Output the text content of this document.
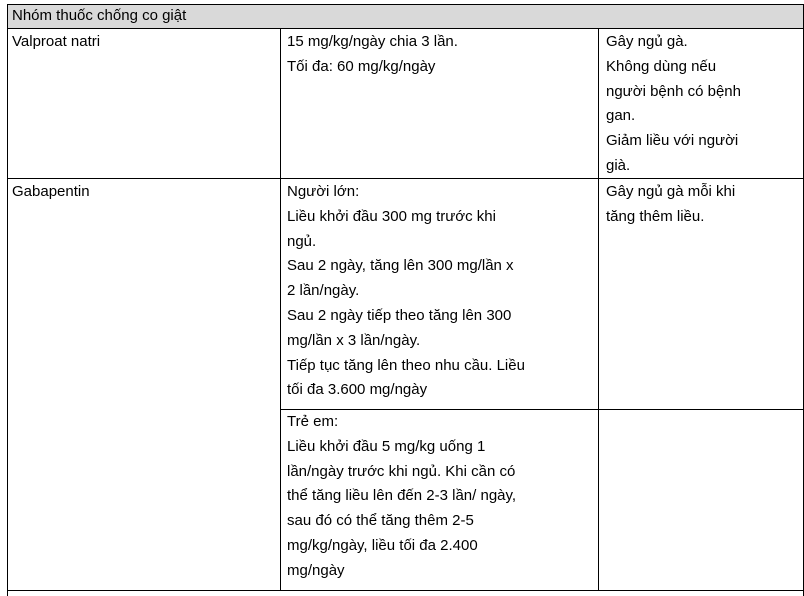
Nhóm thuốc chống co giật
Valproat natri	15 mg/kg/ngày chia 3 lần.
Tối đa: 60 mg/kg/ngày
Gây ngủ gà.
Không dùng nếu
người bệnh có bệnh
gan.
Giảm liều với người
già.
Gabapentin	Người lớn:
Liều khởi đầu 300 mg trước khi
ngủ.
Sau 2 ngày, tăng lên 300 mg/lần x
2 lần/ngày.
Sau 2 ngày tiếp theo tăng lên 300
mg/lần x 3 lần/ngày.
Tiếp tục tăng lên theo nhu cầu. Liều
tối đa 3.600 mg/ngày
Gây ngủ gà mỗi khi
tăng thêm liều.
Trẻ em:
Liều khởi đầu 5 mg/kg uống 1
lần/ngày trước khi ngủ. Khi cần có
thể tăng liều lên đến 2-3 lần/ ngày,
sau đó có thể tăng thêm 2-5
mg/kg/ngày, liều tối đa 2.400
mg/ngày
